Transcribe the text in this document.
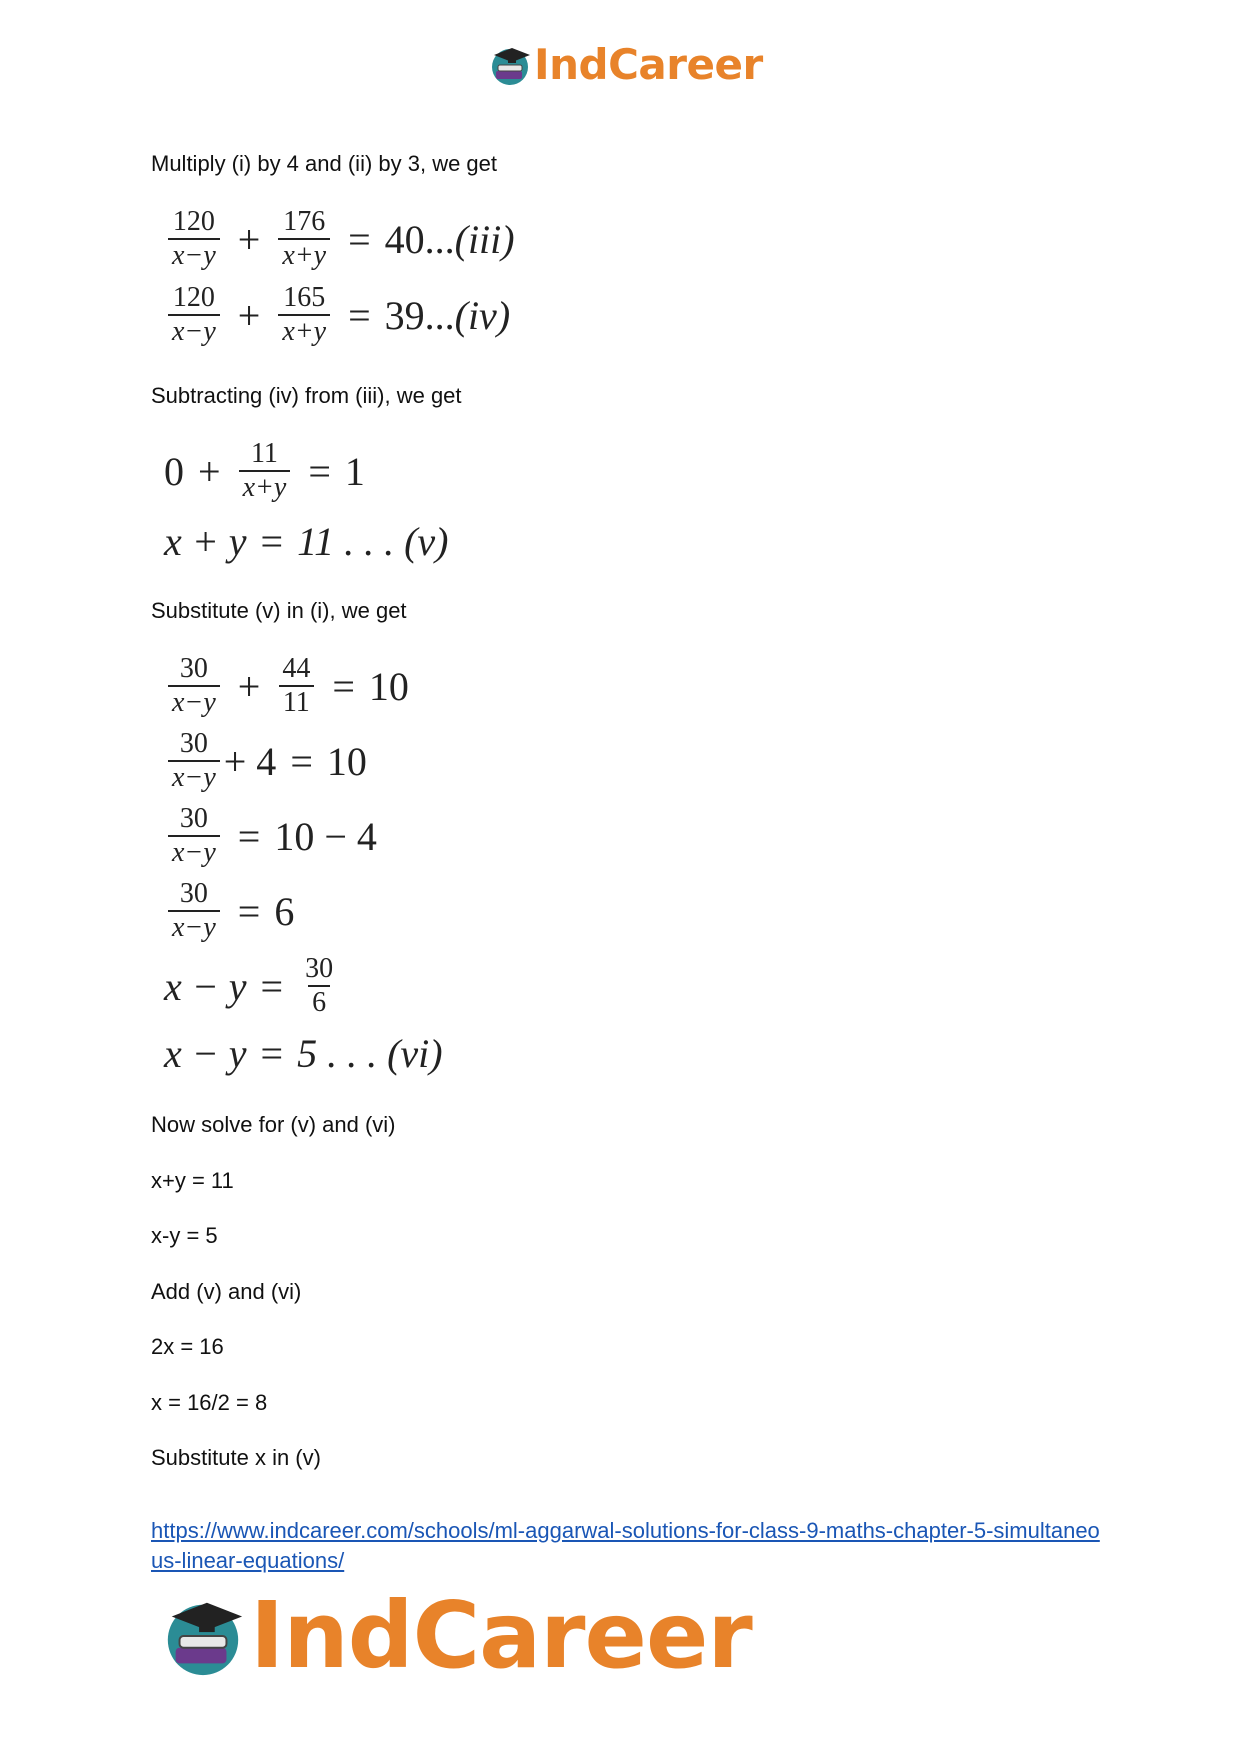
IndCareer
Multiply (i) by 4 and (ii) by 3, we get
$\frac{120}{x-y} + \frac{176}{x+y} = 40$... (iii)
$\frac{120}{x-y} + \frac{165}{x+y} = 39$... (iv)
Subtracting (iv) from (iii), we get
$0 + \frac{11}{x+y} = 1$
x + y = 11 . . . (v)
Substitute (v) in (i), we get
$\frac{30}{x-y} + \frac{44}{11} = 10$
$\frac{30}{x-y} + 4 = 10$
$\frac{30}{x-y} = 10 - 4$
$\frac{30}{x-y} = 6$
$x - y = \frac{30}{6}$
x − y = 5 . . . (vi)
Now solve for (v) and (vi)
x+y = 11
x-y = 5
Add (v) and (vi)
2x = 16
x = 16/2 = 8
Substitute x in (v)
https://www.indcareer.com/schools/ml-aggarwal-solutions-for-class-9-maths-chapter-5-simultaneous-linear-equations/
IndCareer
